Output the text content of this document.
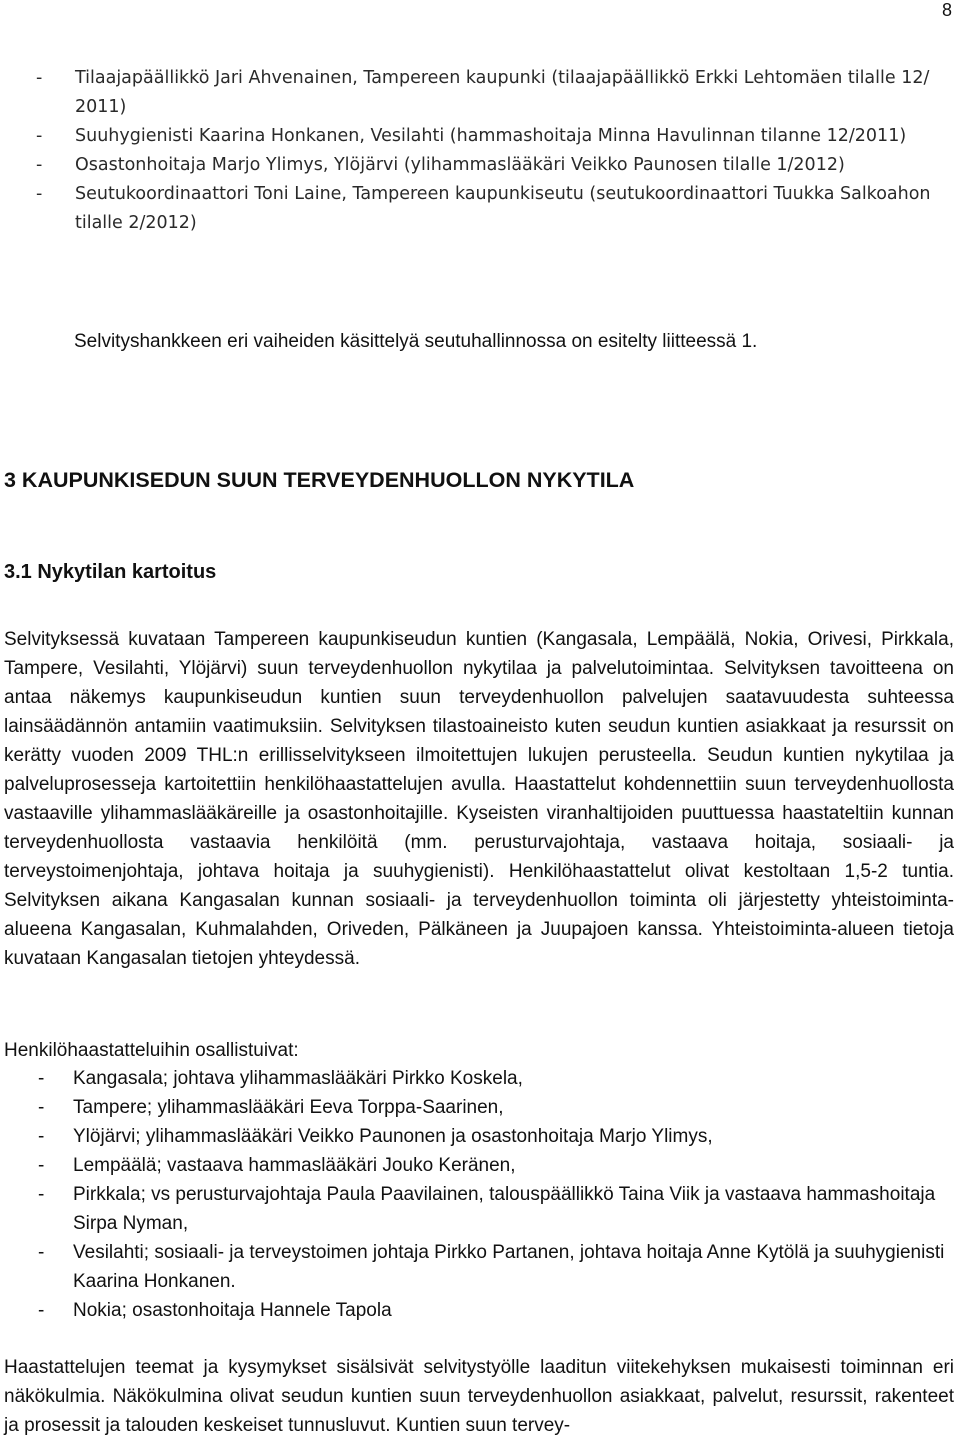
8
- Tilaajapäällikkö Jari Ahvenainen, Tampereen kaupunki (tilaajapäällikkö Erkki Lehtomäen tilalle 12/ 2011)
- Suuhygienisti Kaarina Honkanen, Vesilahti (hammashoitaja Minna Havulinnan tilanne 12/2011)
- Osastonhoitaja Marjo Ylimys, Ylöjärvi (ylihammaslääkäri Veikko Paunosen tilalle 1/2012)
- Seutukoordinaattori Toni Laine, Tampereen kaupunkiseutu (seutukoordinaattori Tuukka Salkoahon tilalle 2/2012)
Selvityshankkeen eri vaiheiden käsittelyä seutuhallinnossa on esitelty liitteessä 1.
3 KAUPUNKISEDUN SUUN TERVEYDENHUOLLON NYKYTILA
3.1 Nykytilan kartoitus

Selvityksessä kuvataan Tampereen kaupunkiseudun kuntien (Kangasala, Lempäälä, Nokia, Orivesi, Pirkkala, Tampere, Vesilahti, Ylöjärvi) suun terveydenhuollon nykytilaa ja palvelutoimintaa. Selvityksen tavoitteena on antaa näkemys kaupunkiseudun kuntien suun terveydenhuollon palvelujen saatavuudesta suhteessa lainsäädännön antamiin vaatimuksiin. Selvityksen tilastoaineisto kuten seudun kuntien asiakkaat ja resurssit on kerätty vuoden 2009 THL:n erillisselvitykseen ilmoitettujen lukujen perusteella. Seudun kuntien nykytilaa ja palveluprosesseja kartoitettiin henkilöhaastattelujen avulla. Haastattelut kohdennettiin suun terveydenhuollosta vastaaville ylihammaslääkäreille ja osastonhoitajille. Kyseisten viranhaltijoiden puuttuessa haastateltiin kunnan terveydenhuollosta vastaavia henkilöitä (mm. perusturvajohtaja, vastaava hoitaja, sosiaali- ja terveystoimenjohtaja, johtava hoitaja ja suuhygienisti). Henkilöhaastattelut olivat kestoltaan 1,5-2 tuntia. Selvityksen aikana Kangasalan kunnan sosiaali- ja terveydenhuollon toiminta oli järjestetty yhteistoiminta-alueena Kangasalan, Kuhmalahden, Oriveden, Pälkäneen ja Juupajoen kanssa. Yhteistoiminta-alueen tietoja kuvataan Kangasalan tietojen yhteydessä.

Henkilöhaastatteluihin osallistuivat:
- Kangasala; johtava ylihammaslääkäri Pirkko Koskela,
- Tampere; ylihammaslääkäri Eeva Torppa-Saarinen,
- Ylöjärvi; ylihammaslääkäri Veikko Paunonen ja osastonhoitaja Marjo Ylimys,
- Lempäälä; vastaava hammaslääkäri Jouko Keränen,
- Pirkkala; vs perusturvajohtaja Paula Paavilainen, talouspäällikkö Taina Viik ja vastaava hammashoitaja Sirpa Nyman,
- Vesilahti; sosiaali- ja terveystoimen johtaja Pirkko Partanen, johtava hoitaja Anne Kytölä ja suuhygienisti Kaarina Honkanen.
- Nokia; osastonhoitaja Hannele Tapola

Haastattelujen teemat ja kysymykset sisälsivät selvitystyölle laaditun viitekehyksen mukaisesti toiminnan eri näkökulmia. Näkökulmina olivat seudun kuntien suun terveydenhuollon asiakkaat, palvelut, resurssit, rakenteet ja prosessit ja talouden keskeiset tunnusluvut. Kuntien suun tervey-
